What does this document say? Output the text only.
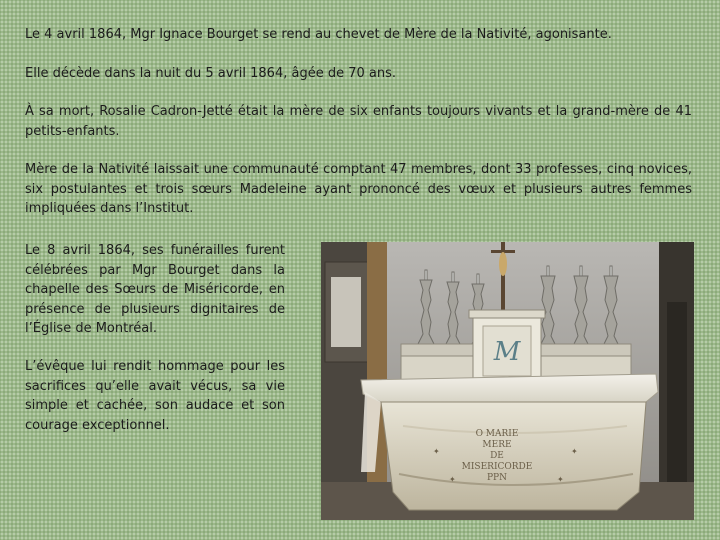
Le 4 avril 1864, Mgr Ignace Bourget se rend au chevet de Mère de la Nativité, agonisante.

Elle décède dans la nuit du 5 avril 1864, âgée de 70 ans.

À sa mort, Rosalie Cadron-Jetté était la mère de six enfants toujours vivants et la grand-mère de 41 petits-enfants.

Mère de la Nativité laissait une communauté comptant 47 membres, dont 33 professes, cinq novices, six postulantes et trois sœurs Madeleine ayant prononcé des vœux et plusieurs autres femmes impliquées dans l’Institut.

Le 8 avril 1864, ses funérailles furent célébrées par Mgr Bourget dans la chapelle des Sœurs de Miséricorde, en présence de plusieurs dignitaires de l’Église de Montréal.

L’évêque lui rendit hommage pour les sacrifices qu’elle avait vécus, sa vie simple et cachée, son audace et son courage exceptionnel.

M
O MARIE
MERE
DE
MISERICORDE
PPN
✦	✦
✦	✦
